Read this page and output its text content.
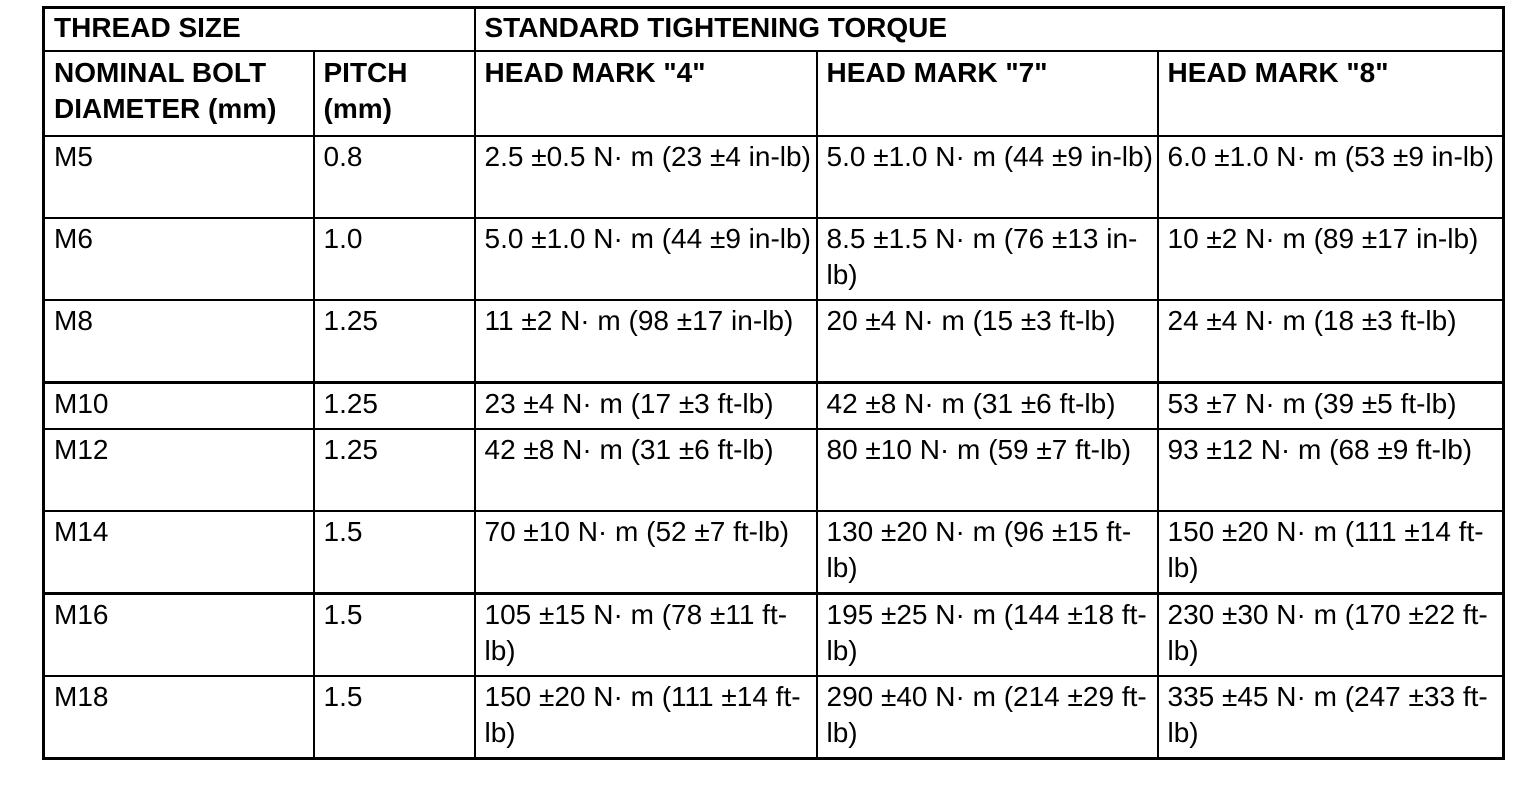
THREAD SIZE		STANDARD TIGHTENING TORQUE		
NOMINAL BOLT DIAMETER (mm)	PITCH (mm)	HEAD MARK "4"	HEAD MARK "7"	HEAD MARK "8"
M5	0.8	2.5 ±0.5 N· m (23 ±4 in-lb)	5.0 ±1.0 N· m (44 ±9 in-lb)	6.0 ±1.0 N· m (53 ±9 in-lb)
M6	1.0	5.0 ±1.0 N· m (44 ±9 in-lb)	8.5 ±1.5 N· m (76 ±13 in-lb)	10 ±2 N· m (89 ±17 in-lb)
M8	1.25	11 ±2 N· m (98 ±17 in-lb)	20 ±4 N· m (15 ±3 ft-lb)	24 ±4 N· m (18 ±3 ft-lb)
M10	1.25	23 ±4 N· m (17 ±3 ft-lb)	42 ±8 N· m (31 ±6 ft-lb)	53 ±7 N· m (39 ±5 ft-lb)
M12	1.25	42 ±8 N· m (31 ±6 ft-lb)	80 ±10 N· m (59 ±7 ft-lb)	93 ±12 N· m (68 ±9 ft-lb)
M14	1.5	70 ±10 N· m (52 ±7 ft-lb)	130 ±20 N· m (96 ±15 ft-lb)	150 ±20 N· m (111 ±14 ft-lb)
M16	1.5	105 ±15 N· m (78 ±11 ft-lb)	195 ±25 N· m (144 ±18 ft-lb)	230 ±30 N· m (170 ±22 ft-lb)
M18	1.5	150 ±20 N· m (111 ±14 ft-lb)	290 ±40 N· m (214 ±29 ft-lb)	335 ±45 N· m (247 ±33 ft-lb)
